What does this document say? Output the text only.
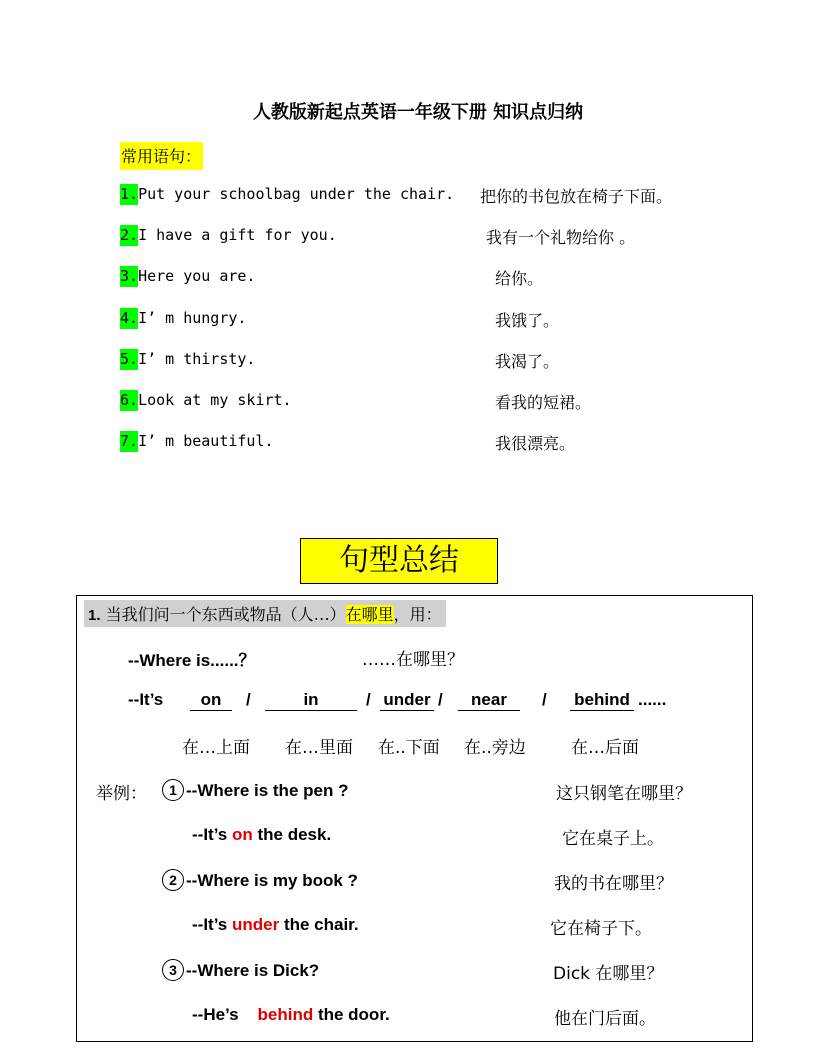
人教版新起点英语一年级下册 知识点归纳
常用语句：
1.Put your schoolbag under the chair. 把你的书包放在椅子下面。
2.I have a gift for you.	我有一个礼物给你 。
3.Here you are.	给你。
4.I’ m hungry.	我饿了。
5.I’ m thirsty.	我渴了。
6.Look at my skirt.	看我的短裙。
7.I’ m beautiful.	我很漂亮。
句型总结
1. 当我们问一个东西或物品（人…）在哪里，用：
--Where is......？	……在哪里？
--It’s	on	/	in	/ under /	near	/ behind ......
在…上面 在…里面 在..下面 在..旁边	在…后面
举例：	1 --Where is the pen ?	这只钢笔在哪里？
--It’s on the desk.	它在桌子上。
2 --Where is my book ?	我的书在哪里？
--It’s under the chair.	它在椅子下。
3 --Where is Dick?	Dick 在哪里？
--He’s    behind the door.	他在门后面。
